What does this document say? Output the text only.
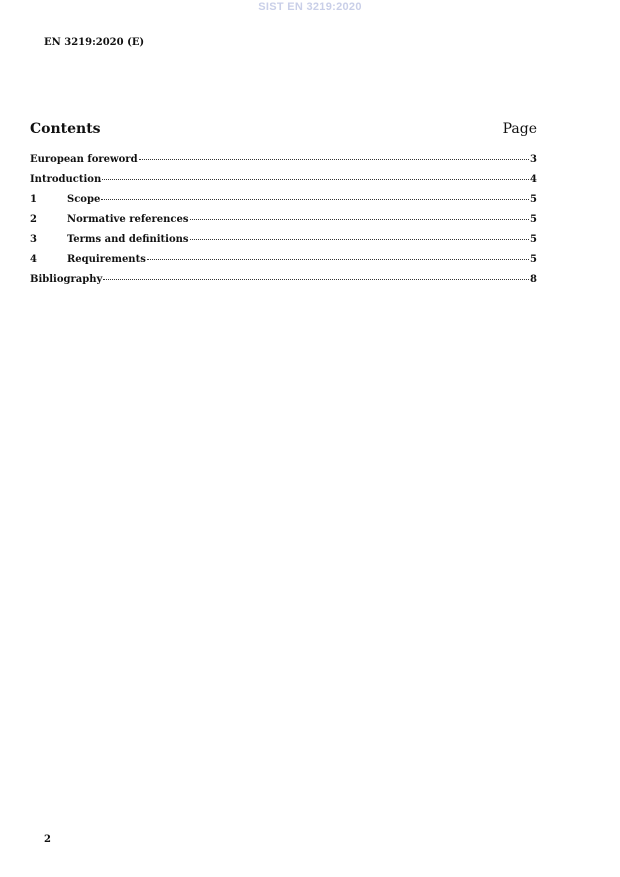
SIST EN 3219:2020
EN 3219:2020 (E)
Contents	Page
European foreword	3
Introduction	4
1	Scope	5
2	Normative references	5
3	Terms and definitions	5
4	Requirements	5
Bibliography	8
2
